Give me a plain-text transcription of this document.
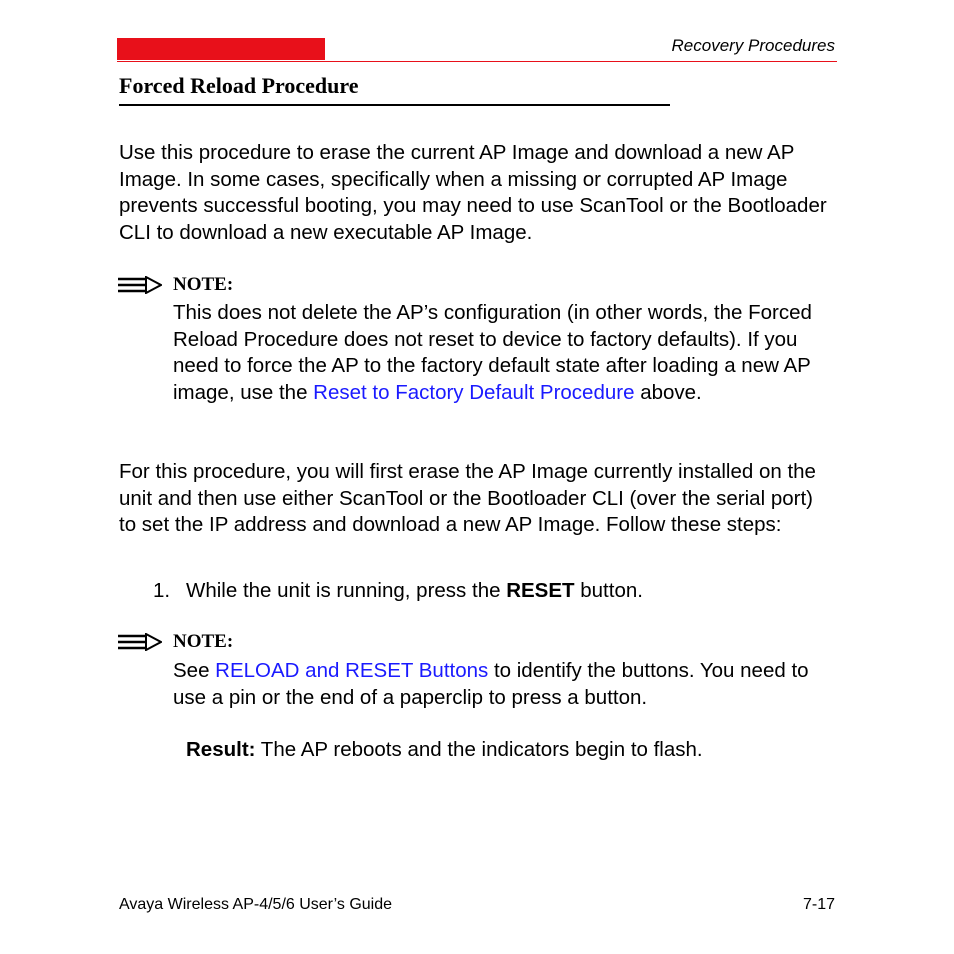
Recovery Procedures
Forced Reload Procedure

Use this procedure to erase the current AP Image and download a new AP Image. In some cases, specifically when a missing or corrupted AP Image prevents successful booting, you may need to use ScanTool or the Bootloader CLI to download a new executable AP Image.

NOTE:

This does not delete the AP’s configuration (in other words, the Forced Reload Procedure does not reset to device to factory defaults). If you need to force the AP to the factory default state after loading a new AP image, use the Reset to Factory Default Procedure above.

For this procedure, you will first erase the AP Image currently installed on the unit and then use either ScanTool or the Bootloader CLI (over the serial port) to set the IP address and download a new AP Image. Follow these steps:

1. While the unit is running, press the RESET button.

NOTE:

See RELOAD and RESET Buttons to identify the buttons. You need to use a pin or the end of a paperclip to press a button.

Result: The AP reboots and the indicators begin to flash.

Avaya Wireless AP-4/5/6 User’s Guide	7-17
